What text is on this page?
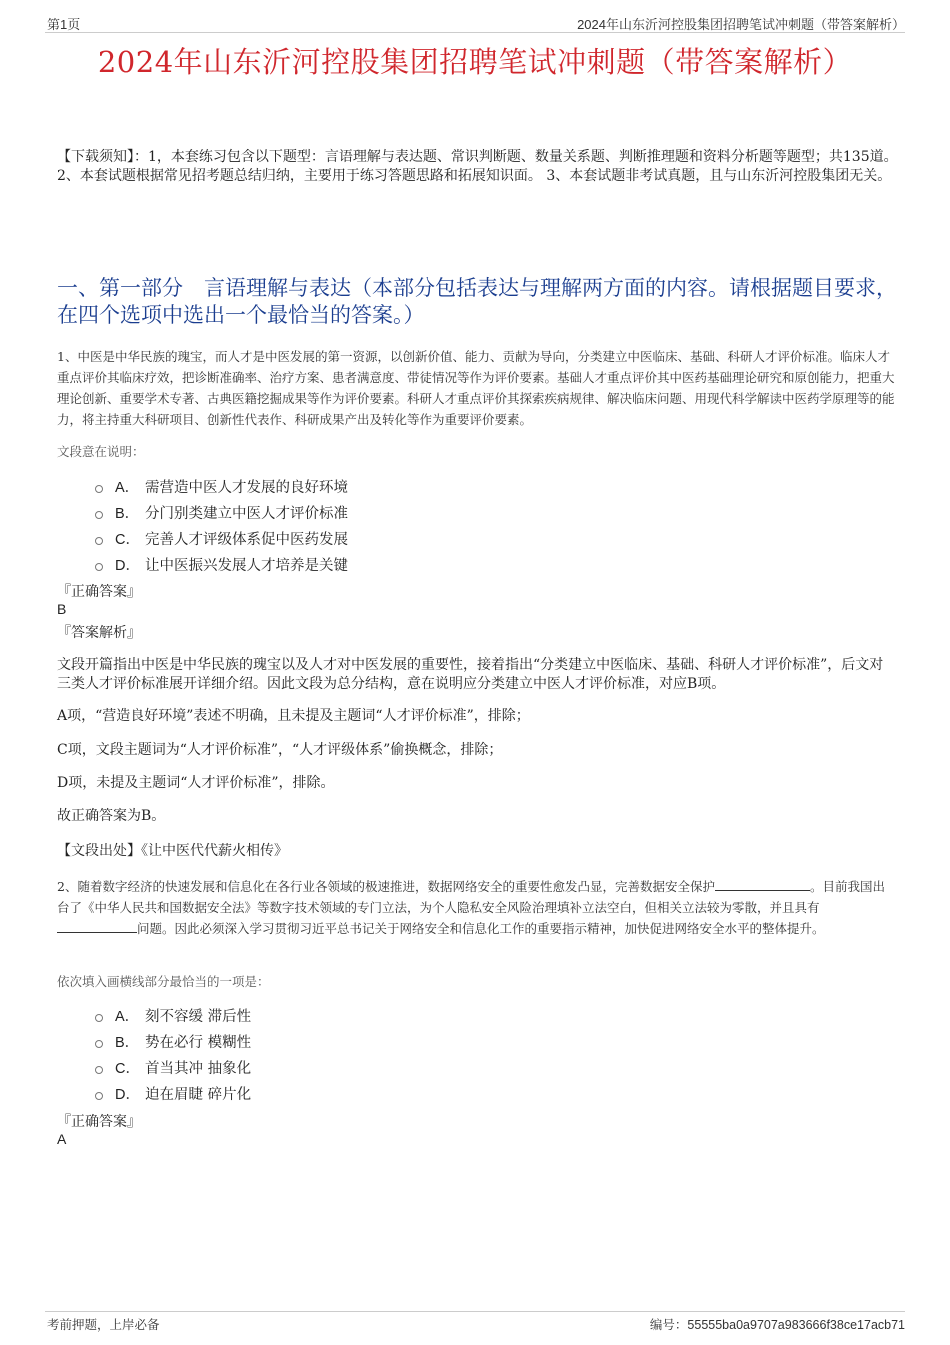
第1页	2024年山东沂河控股集团招聘笔试冲刺题（带答案解析）
2024年山东沂河控股集团招聘笔试冲刺题（带答案解析）
【下载须知】：1，本套练习包含以下题型：言语理解与表达题、常识判断题、数量关系题、判断推理题和资料分析题等题型；共135道。 2、本套试题根据常见招考题总结归纳，主要用于练习答题思路和拓展知识面。 3、本套试题非考试真题，且与山东沂河控股集团无关。
一、第一部分　言语理解与表达（本部分包括表达与理解两方面的内容。请根据题目要求，在四个选项中选出一个最恰当的答案。）
1、中医是中华民族的瑰宝，而人才是中医发展的第一资源，以创新价值、能力、贡献为导向，分类建立中医临床、基础、科研人才评价标准。临床人才重点评价其临床疗效，把诊断准确率、治疗方案、患者满意度、带徒情况等作为评价要素。基础人才重点评价其中医药基础理论研究和原创能力，把重大理论创新、重要学术专著、古典医籍挖掘成果等作为评价要素。科研人才重点评价其探索疾病规律、解决临床问题、用现代科学解读中医药学原理等的能力，将主持重大科研项目、创新性代表作、科研成果产出及转化等作为重要评价要素。
文段意在说明：
A． 需营造中医人才发展的良好环境
B． 分门别类建立中医人才评价标准
C． 完善人才评级体系促中医药发展
D． 让中医振兴发展人才培养是关键
『正确答案』
B
『答案解析』
文段开篇指出中医是中华民族的瑰宝以及人才对中医发展的重要性，接着指出“分类建立中医临床、基础、科研人才评价标准”，后文对三类人才评价标准展开详细介绍。因此文段为总分结构，意在说明应分类建立中医人才评价标准，对应B项。
A项，“营造良好环境”表述不明确，且未提及主题词“人才评价标准”，排除；
C项，文段主题词为“人才评价标准”，“人才评级体系”偷换概念，排除；
D项，未提及主题词“人才评价标准”，排除。
故正确答案为B。
【文段出处】《让中医代代薪火相传》
2、随着数字经济的快速发展和信息化在各行业各领域的极速推进，数据网络安全的重要性愈发凸显，完善数据安全保护	。目前我国出台了《中华人民共和国数据安全法》等数字技术领域的专门立法，为个人隐私安全风险治理填补立法空白，但相关立法较为零散，并且具有问题。因此必须深入学习贯彻习近平总书记关于网络安全和信息化工作的重要指示精神，加快促进网络安全水平的整体提升。
依次填入画横线部分最恰当的一项是：
A． 刻不容缓 滞后性
B． 势在必行 模糊性
C． 首当其冲 抽象化
D． 迫在眉睫 碎片化
『正确答案』
A
考前押题，上岸必备	编号：55555ba0a9707a983666f38ce17acb71
